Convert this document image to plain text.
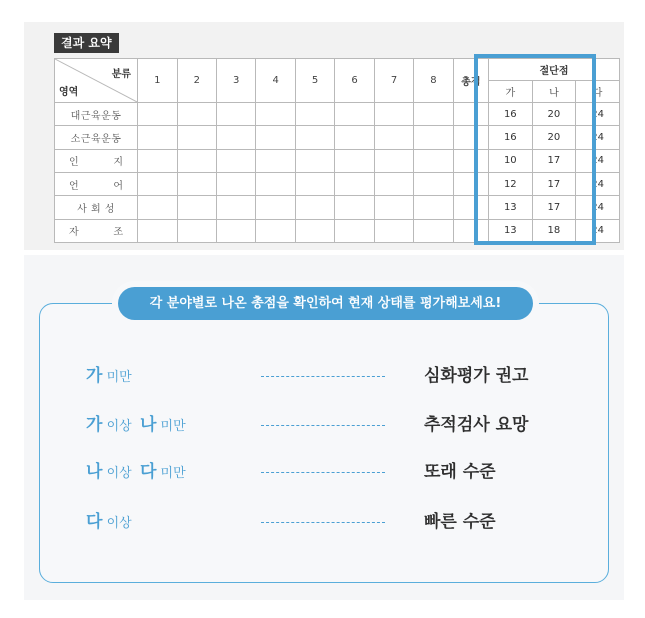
결과 요약
분류
영역	1	2	3	4	5	6	7	8	총점	절단점		
										가	나	다
대근육운동										16	20	24
소근육운동										16	20	24

인 지										10	17	24

언 어										12	17	24
사 회 성										13	17	24

자 조										13	18	24
각 분야별로 나온 총점을 확인하여 현재 상태를 평가해보세요!
가 미만	심화평가 권고
가 이상  나 미만	추적검사 요망
나 이상  다 미만	또래 수준
다 이상	빠른 수준
